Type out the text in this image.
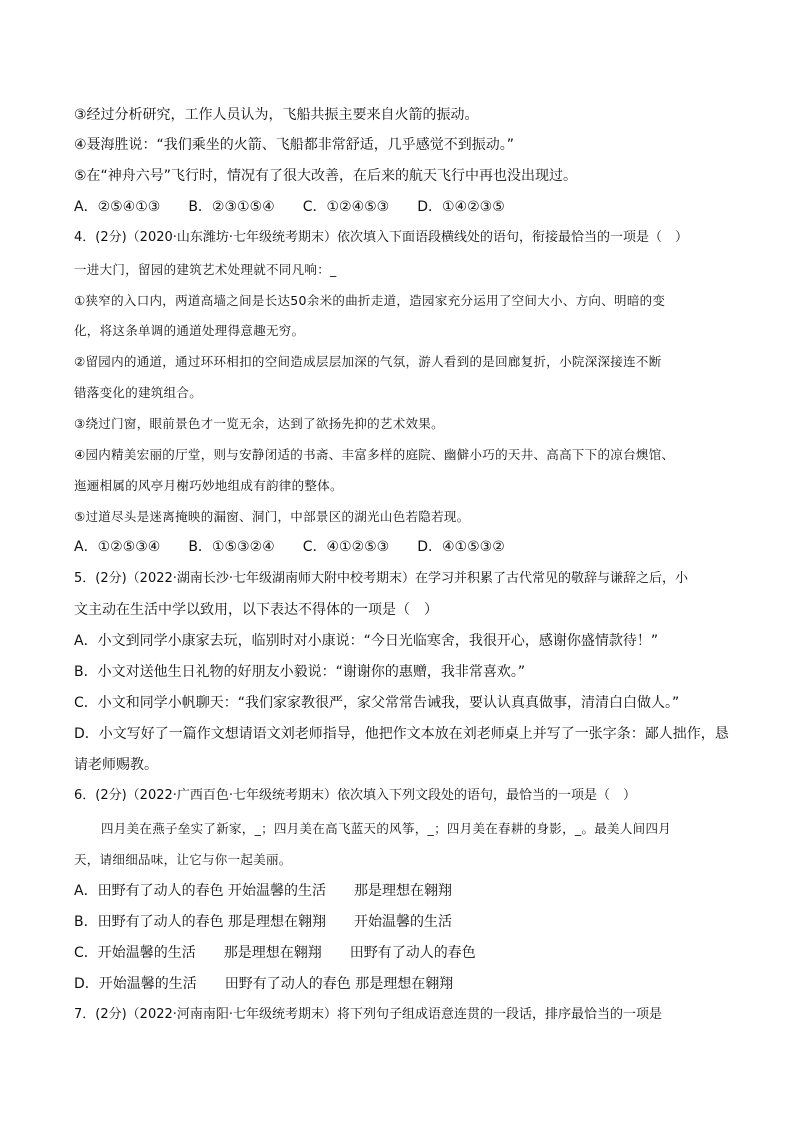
③经过分析研究，工作人员认为，飞船共振主要来自火箭的振动。
④聂海胜说：“我们乘坐的火箭、飞船都非常舒适，几乎感觉不到振动。”
⑤在“神舟六号”飞行时，情况有了很大改善，在后来的航天飞行中再也没出现过。
A．②⑤④①③　　B．②③①⑤④　　C．①②④⑤③　　D．①④②③⑤
4．(2分)（2020·山东潍坊·七年级统考期末）依次填入下面语段横线处的语句，衔接最恰当的一项是（　）
一进大门，留园的建筑艺术处理就不同凡响：_
①狭窄的入口内，两道高墙之间是长达50余米的曲折走道，造园家充分运用了空间大小、方向、明暗的变
化，将这条单调的通道处理得意趣无穷。
②留园内的通道，通过环环相扣的空间造成层层加深的气氛，游人看到的是回廊复折，小院深深接连不断
错落变化的建筑组合。
③绕过门窗，眼前景色才一览无余，达到了欲扬先抑的艺术效果。
④园内精美宏丽的厅堂，则与安静闭适的书斋、丰富多样的庭院、幽僻小巧的天井、高高下下的凉台燠馆、
迤逦相属的风亭月榭巧妙地组成有韵律的整体。
⑤过道尽头是迷离掩映的漏窗、洞门，中部景区的湖光山色若隐若现。
A．①②⑤③④　　B．①⑤③②④　　C．④①②⑤③　　D．④①⑤③②
5．(2分)（2022·湖南长沙·七年级湖南师大附中校考期末）在学习并积累了古代常见的敬辞与谦辞之后，小
文主动在生活中学以致用，以下表达不得体的一项是（　）
A．小文到同学小康家去玩，临别时对小康说：“今日光临寒舍，我很开心，感谢你盛情款待！”
B．小文对送他生日礼物的好朋友小毅说：“谢谢你的惠赠，我非常喜欢。”
C．小文和同学小帆聊天：“我们家家教很严，家父常常告诫我，要认认真真做事，清清白白做人。”
D．小文写好了一篇作文想请语文刘老师指导，他把作文本放在刘老师桌上并写了一张字条：鄙人拙作，恳
请老师赐教。
6．(2分)（2022·广西百色·七年级统考期末）依次填入下列文段处的语句，最恰当的一项是（　）
四月美在燕子垒实了新家，_；四月美在高飞蓝天的风筝，_；四月美在春耕的身影，_。最美人间四月
天，请细细品味，让它与你一起美丽。
A．田野有了动人的春色 开始温馨的生活　　那是理想在翱翔
B．田野有了动人的春色 那是理想在翱翔　　开始温馨的生活
C．开始温馨的生活　　那是理想在翱翔　　田野有了动人的春色
D．开始温馨的生活　　田野有了动人的春色 那是理想在翱翔
7．(2分)（2022·河南南阳·七年级统考期末）将下列句子组成语意连贯的一段话，排序最恰当的一项是
